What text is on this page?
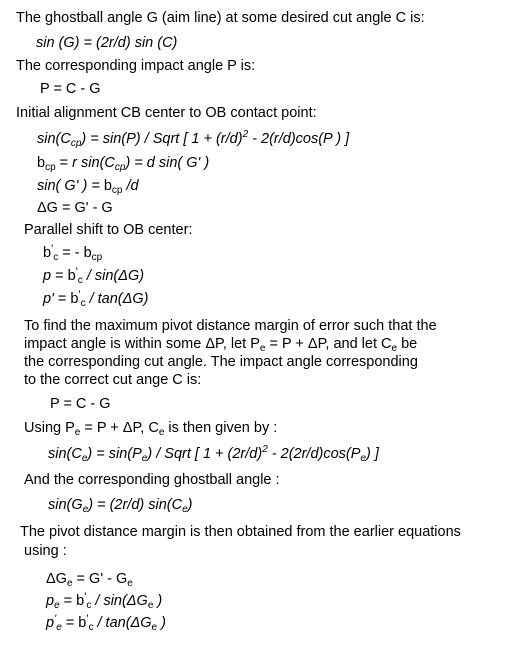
The ghostball angle G (aim line) at some desired cut angle C is:
sin (G) = (2r/d) sin (C)
The corresponding impact angle P is:
P = C - G
Initial alignment CB center to OB contact point:
$\sin(C_{cp}) = \sin(P)$ / Sqrt [ $1 + (r/d)^2 - 2(r/d)\cos(P$ ) ]
$b_{cp} = r$ $\sin(C_{cp}) = d$ sin( G' )
sin( G' ) = $b_{cp}$ /d
ΔG = G' - G
Parallel shift to OB center:
$b'_c$ = - $b_{cp}$
$p = b'_c / \sin(\Delta G)$
$p' = b'_c / \tan(\Delta G)$
To find the maximum pivot distance margin of error such that the
impact angle is within some ΔP, let $P_e = P + \Delta P$, and let $C_e$ be
the corresponding cut angle. The impact angle corresponding
to the correct cut ange C is:
P = C - G
Using $P_e = P + \Delta P$, $C_e$ is then given by :
$\sin(C_e) = \sin(P_e)$ / Sqrt [ $1 + (2r/d)^2 - 2(2r/d)\cos(P_e)$ ]
And the corresponding ghostball angle :
$\sin(G_e) = (2r/d)$ $\sin(C_e)$
The pivot distance margin is then obtained from the earlier equations
using :
$\Delta G_e = G' - G_e$
$p_e = b'_c / \sin(\Delta G_e$ )
$p'_e = b'_c / \tan(\Delta G_e$ )
